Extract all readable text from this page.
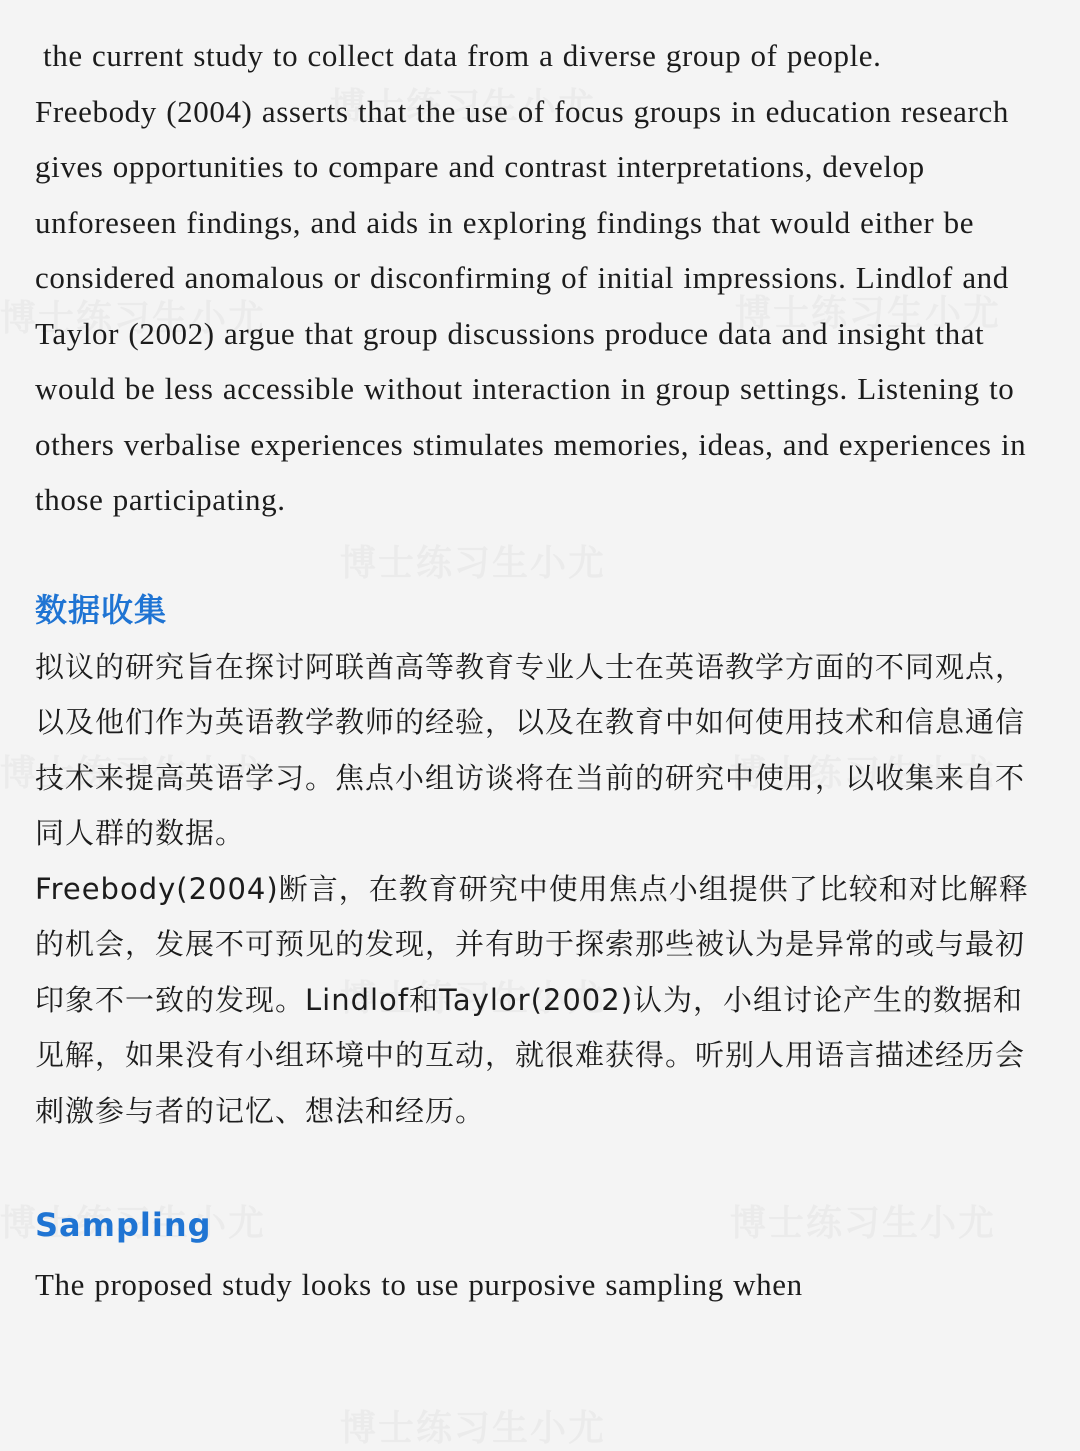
the current study to collect data from a diverse group of people.

Freebody (2004) asserts that the use of focus groups in education research gives opportunities to compare and contrast interpretations, develop unforeseen findings, and aids in exploring findings that would either be considered anomalous or disconfirming of initial impressions. Lindlof and Taylor (2002) argue that group discussions produce data and insight that would be less accessible without interaction in group settings. Listening to others verbalise experiences stimulates memories, ideas, and experiences in those participating.

数据收集

拟议的研究旨在探讨阿联酋高等教育专业人士在英语教学方面的不同观点，以及他们作为英语教学教师的经验，以及在教育中如何使用技术和信息通信技术来提高英语学习。焦点小组访谈将在当前的研究中使用，以收集来自不同人群的数据。

Freebody(2004)断言，在教育研究中使用焦点小组提供了比较和对比解释的机会，发展不可预见的发现，并有助于探索那些被认为是异常的或与最初印象不一致的发现。Lindlof和Taylor(2002)认为，小组讨论产生的数据和见解，如果没有小组环境中的互动，就很难获得。听别人用语言描述经历会刺激参与者的记忆、想法和经历。

Sampling

The proposed study looks to use purposive sampling when
